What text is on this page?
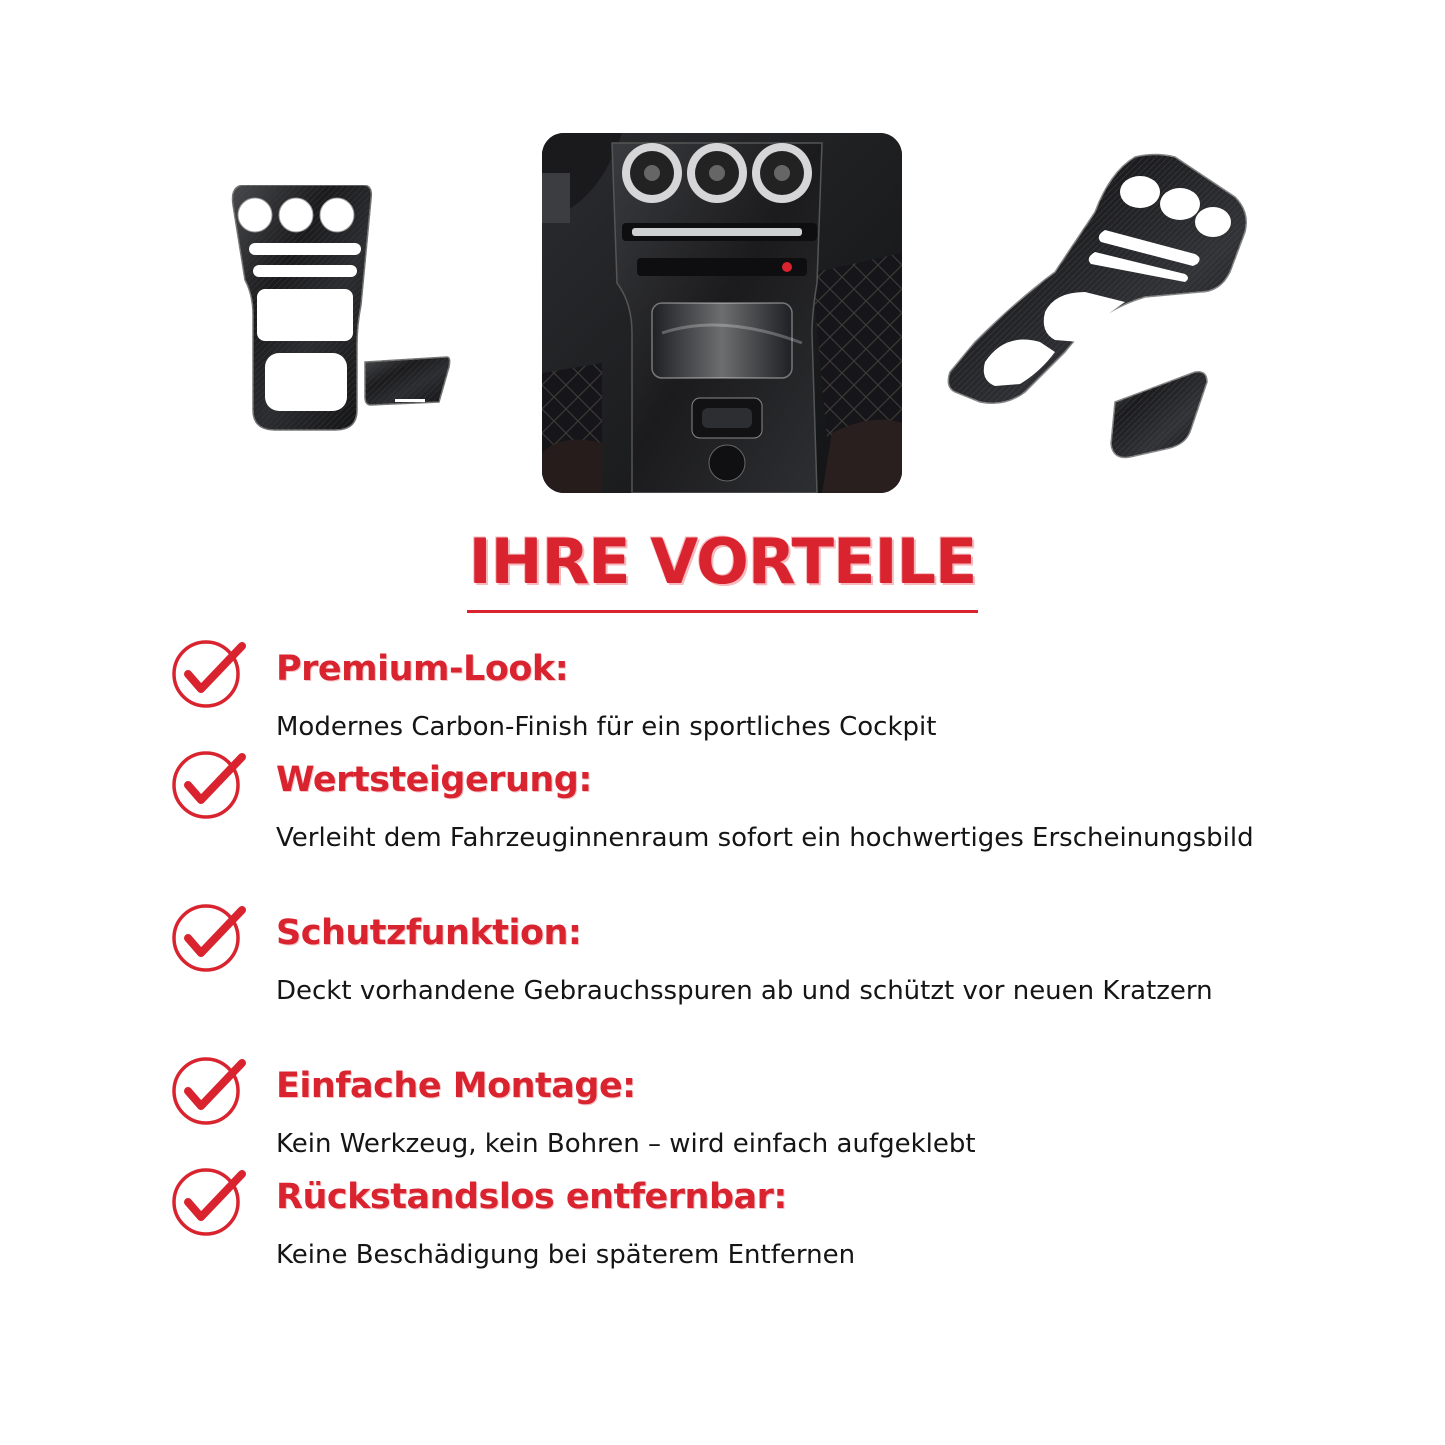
IHRE VORTEILE
Premium-Look:
Modernes Carbon-Finish für ein sportliches Cockpit
Wertsteigerung:
Verleiht dem Fahrzeuginnenraum sofort ein hochwertiges Erscheinungsbild
Schutzfunktion:
Deckt vorhandene Gebrauchsspuren ab und schützt vor neuen Kratzern
Einfache Montage:
Kein Werkzeug, kein Bohren – wird einfach aufgeklebt
Rückstandslos entfernbar:
Keine Beschädigung bei späterem Entfernen
